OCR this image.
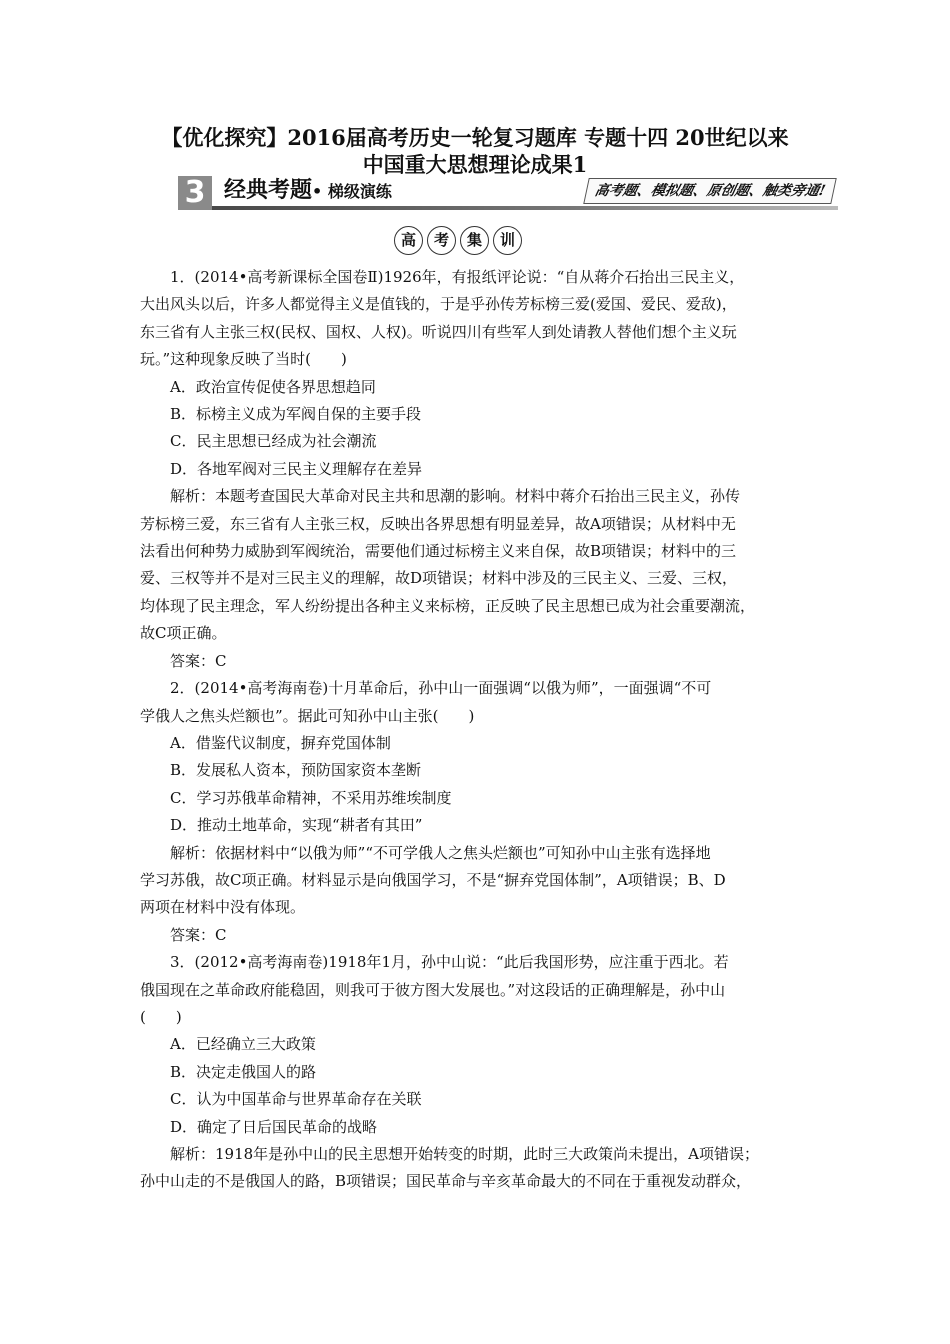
【优化探究】2016届高考历史一轮复习题库 专题十四 20世纪以来
中国重大思想理论成果1
3 经典考题• 梯级演练	高考题、模拟题、原创题、触类旁通!
高	考	集	训

1．(2014•高考新课标全国卷Ⅱ)1926年，有报纸评论说：“自从蒋介石抬出三民主义，

大出风头以后，许多人都觉得主义是值钱的，于是乎孙传芳标榜三爱(爱国、爱民、爱敌)，

东三省有人主张三权(民权、国权、人权)。听说四川有些军人到处请教人替他们想个主义玩

玩。”这种现象反映了当时(　　)

A．政治宣传促使各界思想趋同

B．标榜主义成为军阀自保的主要手段

C．民主思想已经成为社会潮流

D．各地军阀对三民主义理解存在差异

解析：本题考查国民大革命对民主共和思潮的影响。材料中蒋介石抬出三民主义，孙传

芳标榜三爱，东三省有人主张三权，反映出各界思想有明显差异，故A项错误；从材料中无

法看出何种势力威胁到军阀统治，需要他们通过标榜主义来自保，故B项错误；材料中的三

爱、三权等并不是对三民主义的理解，故D项错误；材料中涉及的三民主义、三爱、三权，

均体现了民主理念，军人纷纷提出各种主义来标榜，正反映了民主思想已成为社会重要潮流，

故C项正确。

答案：C

2．(2014•高考海南卷)十月革命后，孙中山一面强调“以俄为师”，一面强调“不可

学俄人之焦头烂额也”。据此可知孙中山主张(　　)

A．借鉴代议制度，摒弃党国体制

B．发展私人资本，预防国家资本垄断

C．学习苏俄革命精神，不采用苏维埃制度

D．推动土地革命，实现“耕者有其田”

解析：依据材料中“以俄为师”“不可学俄人之焦头烂额也”可知孙中山主张有选择地

学习苏俄，故C项正确。材料显示是向俄国学习，不是“摒弃党国体制”，A项错误；B、D

两项在材料中没有体现。

答案：C

3．(2012•高考海南卷)1918年1月，孙中山说：“此后我国形势，应注重于西北。若

俄国现在之革命政府能稳固，则我可于彼方图大发展也。”对这段话的正确理解是，孙中山

(　　)

A．已经确立三大政策

B．决定走俄国人的路

C．认为中国革命与世界革命存在关联

D．确定了日后国民革命的战略

解析：1918年是孙中山的民主思想开始转变的时期，此时三大政策尚未提出，A项错误；

孙中山走的不是俄国人的路，B项错误；国民革命与辛亥革命最大的不同在于重视发动群众，
